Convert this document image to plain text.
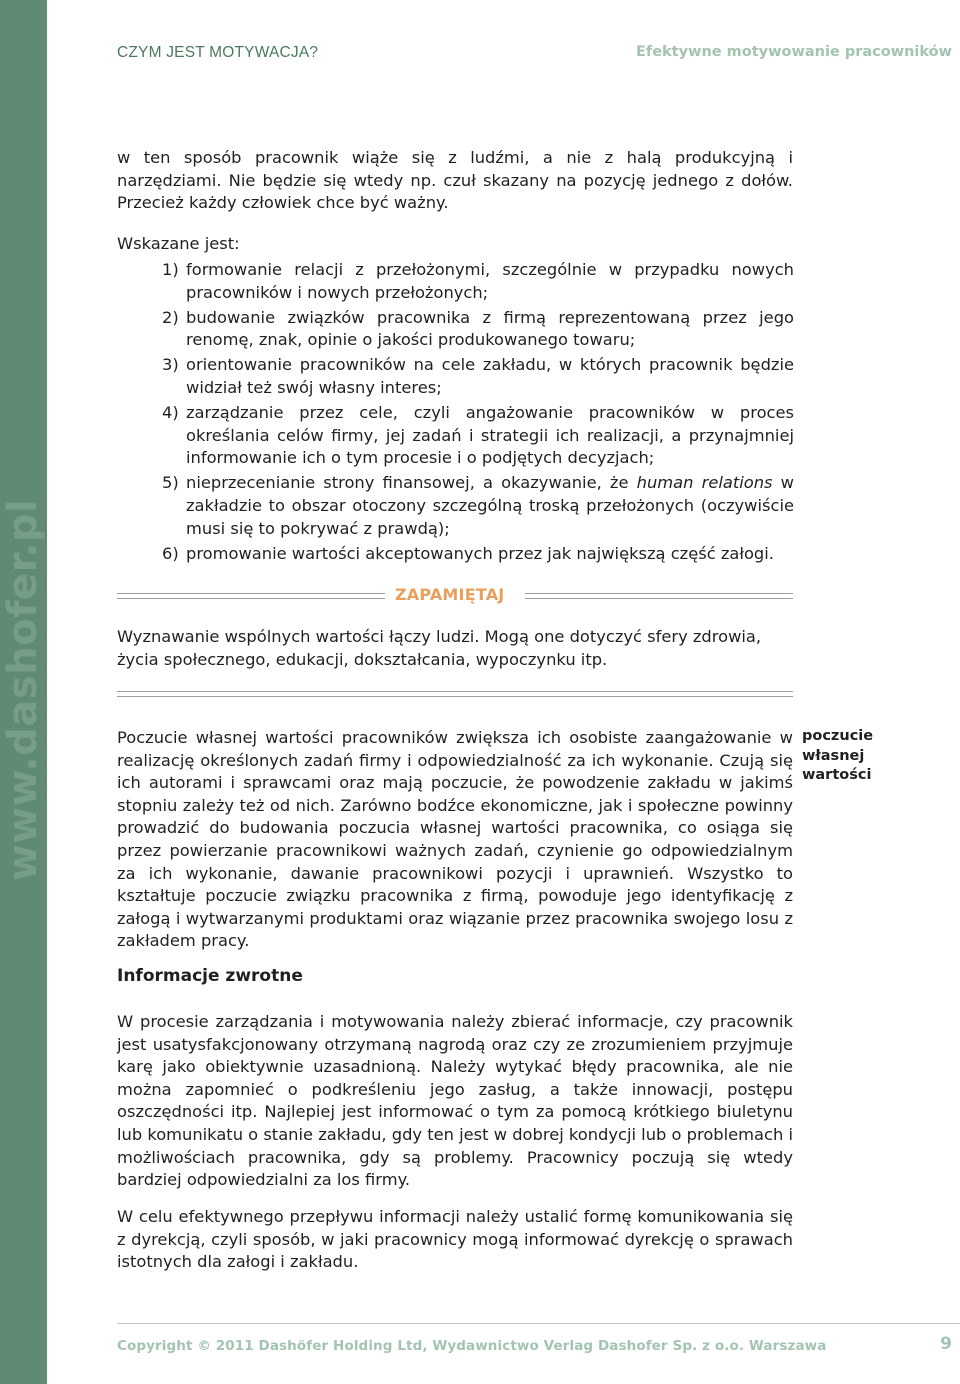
www.dashofer.pl
CZYM JEST MOTYWACJA?	Efektywne motywowanie pracowników
w ten sposób pracownik wiąże się z ludźmi, a nie z halą produkcyjną i narzędziami. Nie będzie się wtedy np. czuł skazany na pozycję jednego z dołów. Przecież każdy człowiek chce być ważny.
Wskazane jest:
1) formowanie relacji z przełożonymi, szczególnie w przypadku nowych pracowników i nowych przełożonych;
2) budowanie związków pracownika z firmą reprezentowaną przez jego renomę, znak, opinie o jakości produkowanego towaru;
3) orientowanie pracowników na cele zakładu, w których pracownik będzie widział też swój własny interes;
4) zarządzanie przez cele, czyli angażowanie pracowników w proces określania celów firmy, jej zadań i strategii ich realizacji, a przynajmniej informowanie ich o tym procesie i o podjętych decyzjach;
5) nieprzecenianie strony finansowej, a okazywanie, że human relations w zakładzie to obszar otoczony szczególną troską przełożonych (oczywiście musi się to pokrywać z prawdą);
6) promowanie wartości akceptowanych przez jak największą część załogi.
ZAPAMIĘTAJ
Wyznawanie wspólnych wartości łączy ludzi. Mogą one dotyczyć sfery zdrowia, życia społecznego, edukacji, dokształcania, wypoczynku itp.
Poczucie własnej wartości pracowników zwiększa ich osobiste zaangażowanie w realizację określonych zadań firmy i odpowiedzialność za ich wykonanie. Czują się ich autorami i sprawcami oraz mają poczucie, że powodzenie zakładu w jakimś stopniu zależy też od nich. Zarówno bodźce ekonomiczne, jak i społeczne powinny prowadzić do budowania poczucia własnej wartości pracownika, co osiąga się przez powierzanie pracownikowi ważnych zadań, czynienie go odpowiedzialnym za ich wykonanie, dawanie pracownikowi pozycji i uprawnień. Wszystko to kształtuje poczucie związku pracownika z firmą, powoduje jego identyfikację z załogą i wytwarzanymi produktami oraz wiązanie przez pracownika swojego losu z zakładem pracy.
poczucie własnej wartości
Informacje zwrotne
W procesie zarządzania i motywowania należy zbierać informacje, czy pracownik jest usatysfakcjonowany otrzymaną nagrodą oraz czy ze zrozumieniem przyjmuje karę jako obiektywnie uzasadnioną. Należy wytykać błędy pracownika, ale nie można zapomnieć o podkreśleniu jego zasług, a także innowacji, postępu oszczędności itp. Najlepiej jest informować o tym za pomocą krótkiego biuletynu lub komunikatu o stanie zakładu, gdy ten jest w dobrej kondycji lub o problemach i możliwościach pracownika, gdy są problemy. Pracownicy poczują się wtedy bardziej odpowiedzialni za los firmy.
W celu efektywnego przepływu informacji należy ustalić formę komunikowania się z dyrekcją, czyli sposób, w jaki pracownicy mogą informować dyrekcję o sprawach istotnych dla załogi i zakładu.
Copyright © 2011 Dashöfer Holding Ltd, Wydawnictwo Verlag Dashofer Sp. z o.o. Warszawa	9
